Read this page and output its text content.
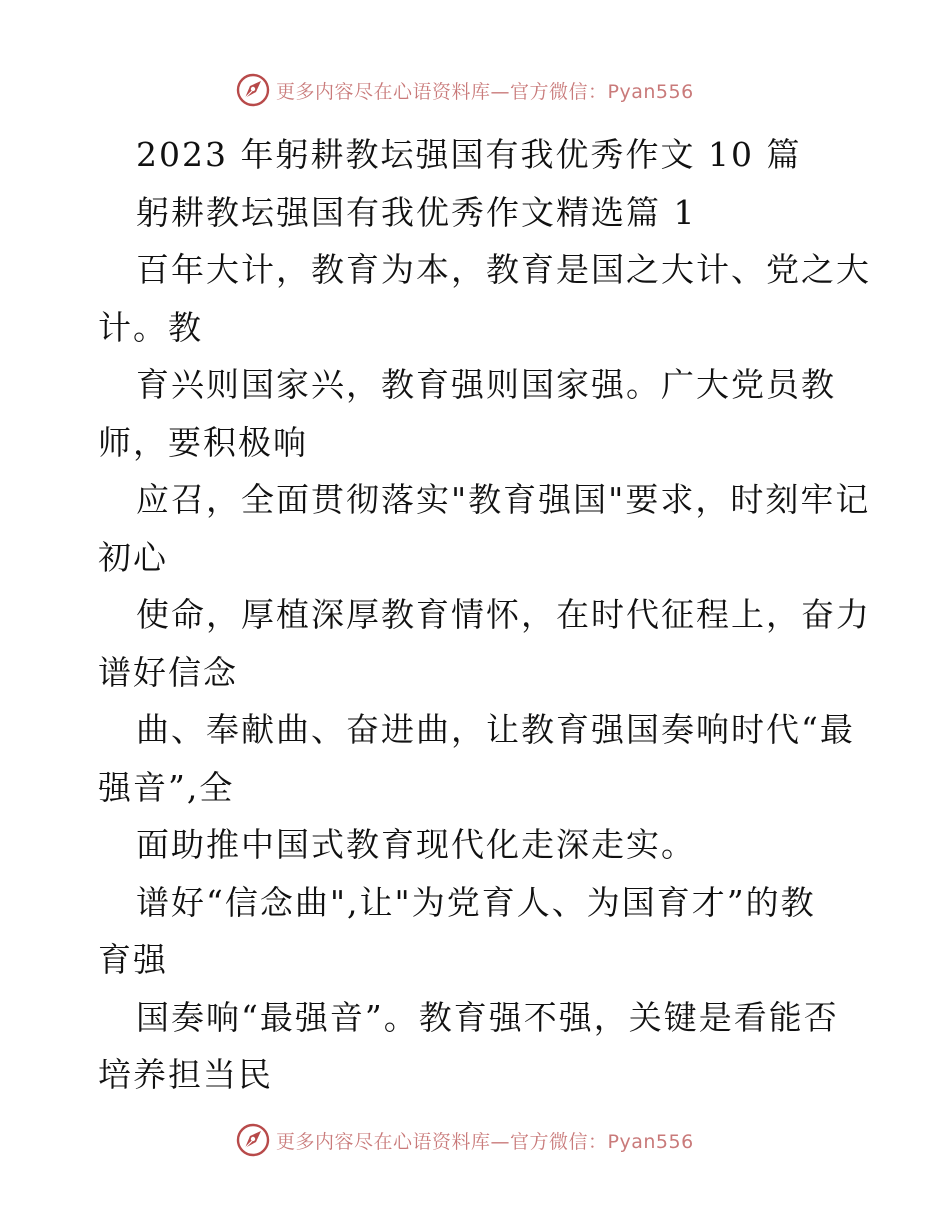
更多内容尽在心语资料库—官方微信：Pyan556
2023 年躬耕教坛强国有我优秀作文 10 篇
躬耕教坛强国有我优秀作文精选篇 1
百年大计，教育为本，教育是国之大计、党之大
计。教
育兴则国家兴，教育强则国家强。广大党员教
师，要积极响
应召，全面贯彻落实"教育强国"要求，时刻牢记
初心
使命，厚植深厚教育情怀，在时代征程上，奋力
谱好信念
曲、奉献曲、奋进曲，让教育强国奏响时代“最
强音”,全
面助推中国式教育现代化走深走实。
谱好“信念曲",让"为党育人、为国育才”的教
育强
国奏响“最强音”。教育强不强，关键是看能否
培养担当民
更多内容尽在心语资料库—官方微信：Pyan556
